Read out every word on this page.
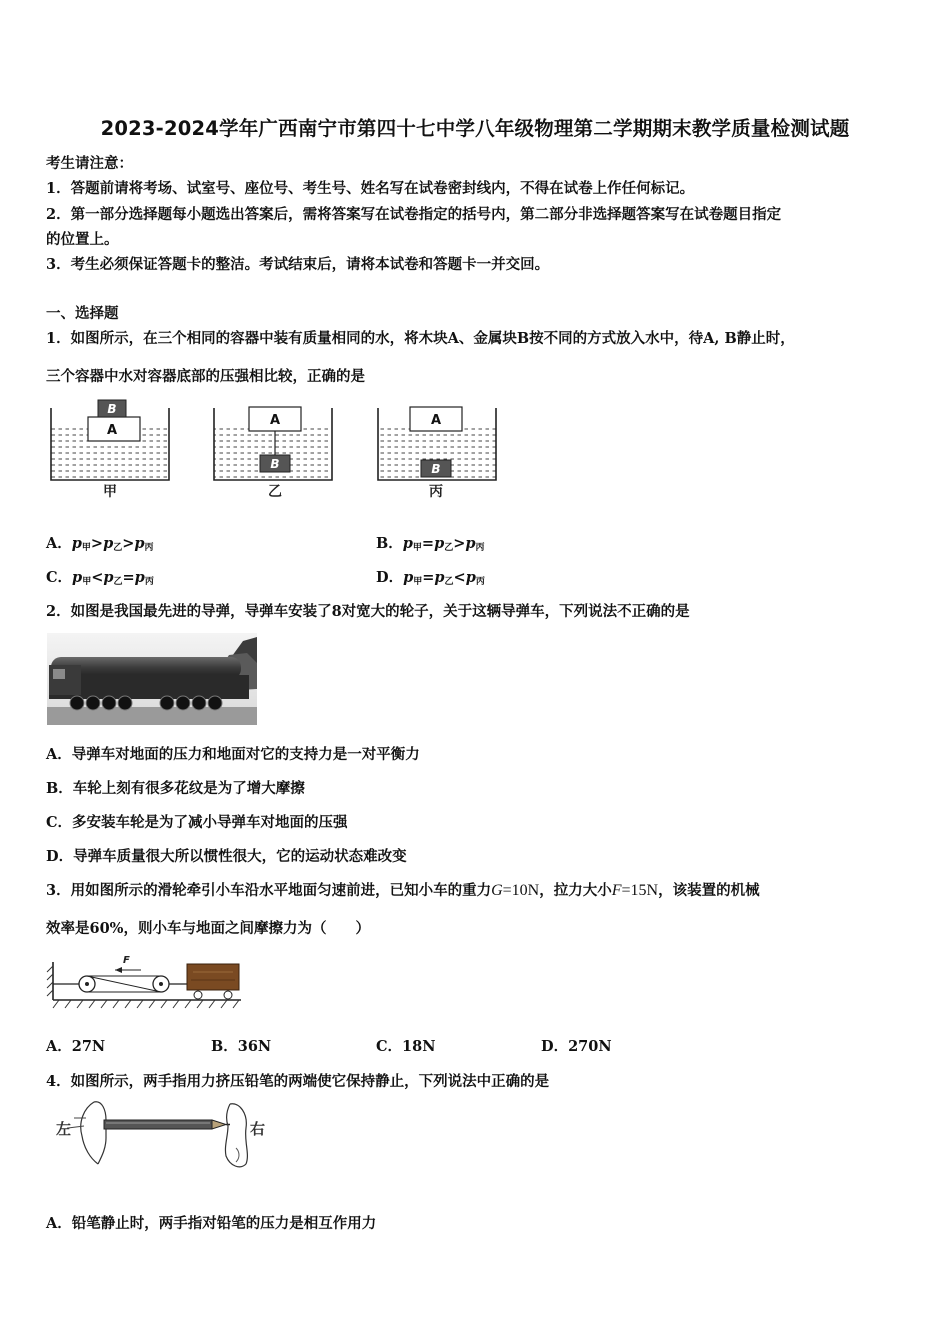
2023-2024学年广西南宁市第四十七中学八年级物理第二学期期末教学质量检测试题
考生请注意：
1．答题前请将考场、试室号、座位号、考生号、姓名写在试卷密封线内，不得在试卷上作任何标记。
2．第一部分选择题每小题选出答案后，需将答案写在试卷指定的括号内，第二部分非选择题答案写在试卷题目指定
的位置上。
3．考生必须保证答题卡的整洁。考试结束后，请将本试卷和答题卡一并交回。
一、选择题
1．如图所示，在三个相同的容器中装有质量相同的水，将木块A、金属块B按不同的方式放入水中，待A, B静止时，
三个容器中水对容器底部的压强相比较，正确的是
A
B
甲
A
B
乙
A
B
丙
A．$p_甲>p_乙>p_丙$	B．$p_甲=p_乙>p_丙$
C．$p_甲<p_乙=p_丙$	D．$p_甲=p_乙<p_丙$
2．如图是我国最先进的导弹，导弹车安装了8对宽大的轮子，关于这辆导弹车，下列说法不正确的是
A．导弹车对地面的压力和地面对它的支持力是一对平衡力
B．车轮上刻有很多花纹是为了增大摩擦
C．多安装车轮是为了减小导弹车对地面的压强
D．导弹车质量很大所以惯性很大，它的运动状态难改变
3．用如图所示的滑轮牵引小车沿水平地面匀速前进，已知小车的重力G=10N，拉力大小F=15N，该装置的机械
效率是60%，则小车与地面之间摩擦力为（　　）
F
A．27N	B．36N	C．18N	D．270N
4．如图所示，两手指用力挤压铅笔的两端使它保持静止，下列说法中正确的是
左	右
A．铅笔静止时，两手指对铅笔的压力是相互作用力
